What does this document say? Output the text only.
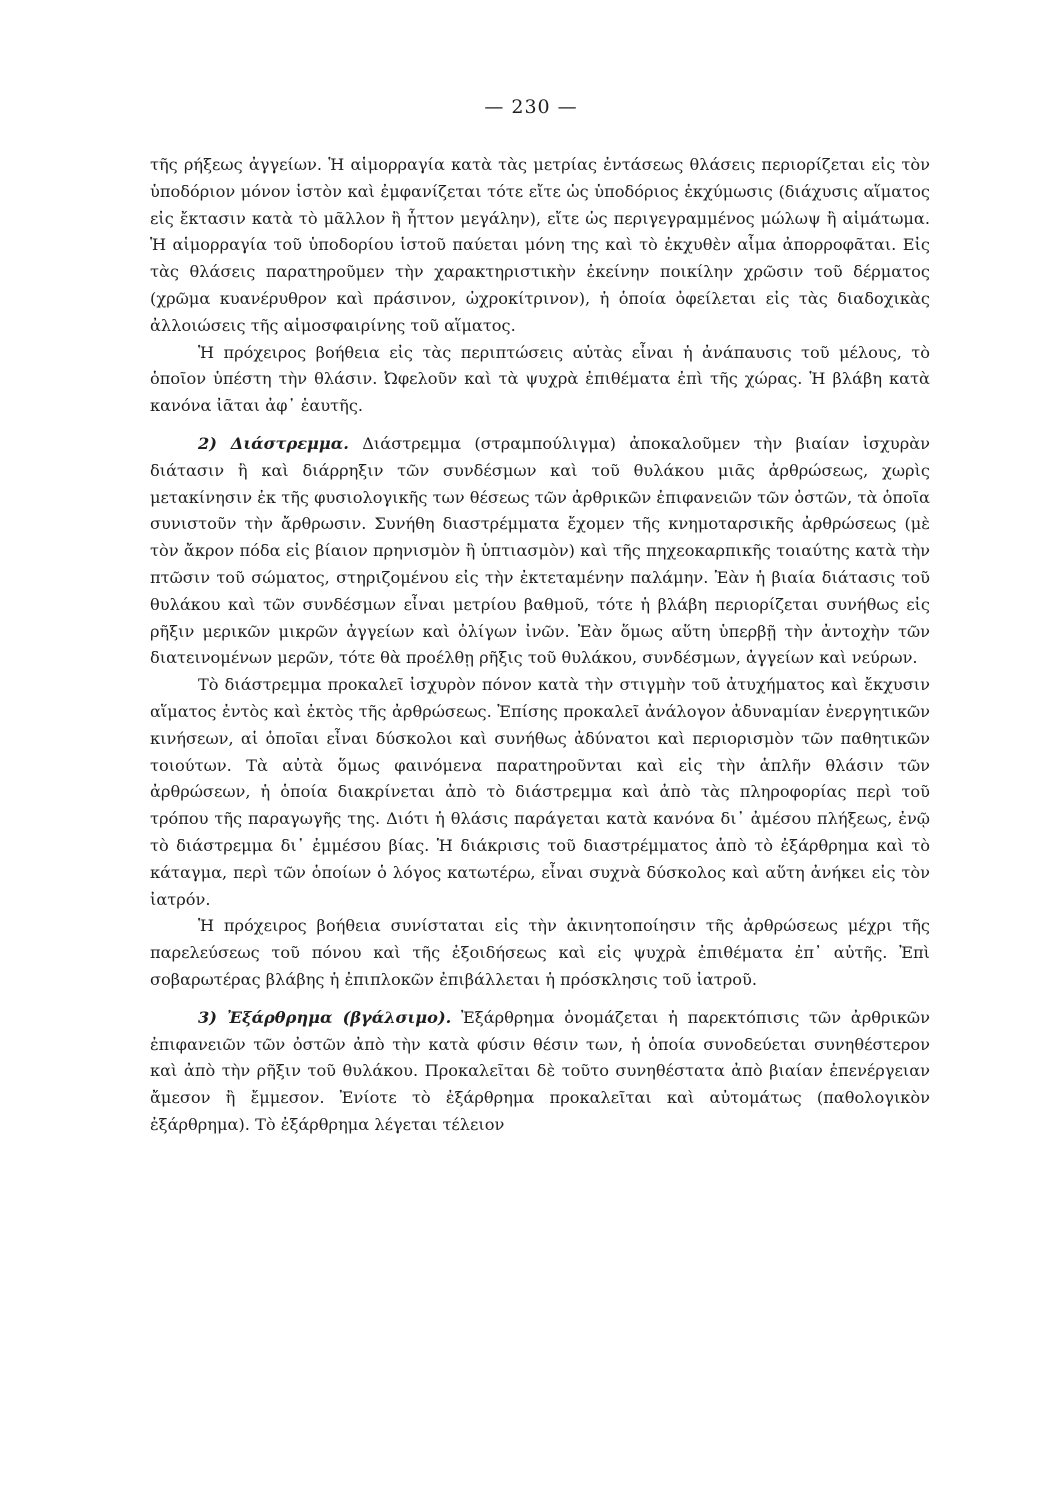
— 230 —

τῆς ρήξεως ἀγγείων. Ἡ αἱμορραγία κατὰ τὰς μετρίας ἐντάσεως θλάσεις περιορίζεται εἰς τὸν ὑποδόριον μόνον ἱστὸν καὶ ἐμφανίζεται τότε εἴτε ὡς ὑποδόριος ἐκχύμωσις (διάχυσις αἵματος εἰς ἔκτασιν κατὰ τὸ μᾶλλον ἢ ἧττον μεγάλην), εἴτε ὡς περιγεγραμμένος μώλωψ ἢ αἱμάτωμα. Ἡ αἱμορραγία τοῦ ὑποδορίου ἱστοῦ παύεται μόνη της καὶ τὸ ἐκχυθὲν αἷμα ἀπορροφᾶται. Εἰς τὰς θλάσεις παρατηροῦμεν τὴν χαρακτηριστικὴν ἐκείνην ποικίλην χρῶσιν τοῦ δέρματος (χρῶμα κυανέρυθρον καὶ πράσινον, ὠχροκίτρινον), ἡ ὁποία ὀφείλεται εἰς τὰς διαδοχικὰς ἀλλοιώσεις τῆς αἱμοσφαιρίνης τοῦ αἵματος.

Ἡ πρόχειρος βοήθεια εἰς τὰς περιπτώσεις αὐτὰς εἶναι ἡ ἀνάπαυσις τοῦ μέλους, τὸ ὁποῖον ὑπέστη τὴν θλάσιν. Ὠφελοῦν καὶ τὰ ψυχρὰ ἐπιθέματα ἐπὶ τῆς χώρας. Ἡ βλάβη κατὰ κανόνα ἰᾶται ἀφ᾽ ἑαυτῆς.

2) Διάστρεμμα. Διάστρεμμα (στραμπούλιγμα) ἀποκαλοῦμεν τὴν βιαίαν ἰσχυρὰν διάτασιν ἢ καὶ διάρρηξιν τῶν συνδέσμων καὶ τοῦ θυλάκου μιᾶς ἀρθρώσεως, χωρὶς μετακίνησιν ἐκ τῆς φυσιολογικῆς των θέσεως τῶν ἀρθρικῶν ἐπιφανειῶν τῶν ὀστῶν, τὰ ὁποῖα συνιστοῦν τὴν ἄρθρωσιν. Συνήθη διαστρέμματα ἔχομεν τῆς κνημοταρσικῆς ἀρθρώσεως (μὲ τὸν ἄκρον πόδα εἰς βίαιον πρηνισμὸν ἢ ὑπτιασμὸν) καὶ τῆς πηχεοκαρπικῆς τοιαύτης κατὰ τὴν πτῶσιν τοῦ σώματος, στηριζομένου εἰς τὴν ἐκτεταμένην παλάμην. Ἐὰν ἡ βιαία διάτασις τοῦ θυλάκου καὶ τῶν συνδέσμων εἶναι μετρίου βαθμοῦ, τότε ἡ βλάβη περιορίζεται συνήθως εἰς ρῆξιν μερικῶν μικρῶν ἀγγείων καὶ ὀλίγων ἰνῶν. Ἐὰν ὅμως αὕτη ὑπερβῇ τὴν ἀντοχὴν τῶν διατεινομένων μερῶν, τότε θὰ προέλθῃ ρῆξις τοῦ θυλάκου, συνδέσμων, ἀγγείων καὶ νεύρων.

Τὸ διάστρεμμα προκαλεῖ ἰσχυρὸν πόνον κατὰ τὴν στιγμὴν τοῦ ἀτυχήματος καὶ ἔκχυσιν αἵματος ἐντὸς καὶ ἐκτὸς τῆς ἀρθρώσεως. Ἐπίσης προκαλεῖ ἀνάλογον ἀδυναμίαν ἐνεργητικῶν κινήσεων, αἱ ὁποῖαι εἶναι δύσκολοι καὶ συνήθως ἀδύνατοι καὶ περιορισμὸν τῶν παθητικῶν τοιούτων. Τὰ αὐτὰ ὅμως φαινόμενα παρατηροῦνται καὶ εἰς τὴν ἁπλῆν θλάσιν τῶν ἀρθρώσεων, ἡ ὁποία διακρίνεται ἀπὸ τὸ διάστρεμμα καὶ ἀπὸ τὰς πληροφορίας περὶ τοῦ τρόπου τῆς παραγωγῆς της. Διότι ἡ θλάσις παράγεται κατὰ κανόνα δι᾽ ἀμέσου πλήξεως, ἐνῷ τὸ διάστρεμμα δι᾽ ἐμμέσου βίας. Ἡ διάκρισις τοῦ διαστρέμματος ἀπὸ τὸ ἐξάρθρημα καὶ τὸ κάταγμα, περὶ τῶν ὁποίων ὁ λόγος κατωτέρω, εἶναι συχνὰ δύσκολος καὶ αὕτη ἀνήκει εἰς τὸν ἰατρόν.

Ἡ πρόχειρος βοήθεια συνίσταται εἰς τὴν ἀκινητοποίησιν τῆς ἀρθρώσεως μέχρι τῆς παρελεύσεως τοῦ πόνου καὶ τῆς ἐξοιδήσεως καὶ εἰς ψυχρὰ ἐπιθέματα ἐπ᾽ αὐτῆς. Ἐπὶ σοβαρωτέρας βλάβης ἡ ἐπιπλοκῶν ἐπιβάλλεται ἡ πρόσκλησις τοῦ ἰατροῦ.

3) Ἐξάρθρημα (βγάλσιμο). Ἐξάρθρημα ὀνομάζεται ἡ παρεκτόπισις τῶν ἀρθρικῶν ἐπιφανειῶν τῶν ὀστῶν ἀπὸ τὴν κατὰ φύσιν θέσιν των, ἡ ὁποία συνοδεύεται συνηθέστερον καὶ ἀπὸ τὴν ρῆξιν τοῦ θυλάκου. Προκαλεῖται δὲ τοῦτο συνηθέστατα ἀπὸ βιαίαν ἐπενέργειαν ἄμεσον ἢ ἔμμεσον. Ἐνίοτε τὸ ἐξάρθρημα προκαλεῖται καὶ αὐτομάτως (παθολογικὸν ἐξάρθρημα). Τὸ ἐξάρθρημα λέγεται τέλειον
